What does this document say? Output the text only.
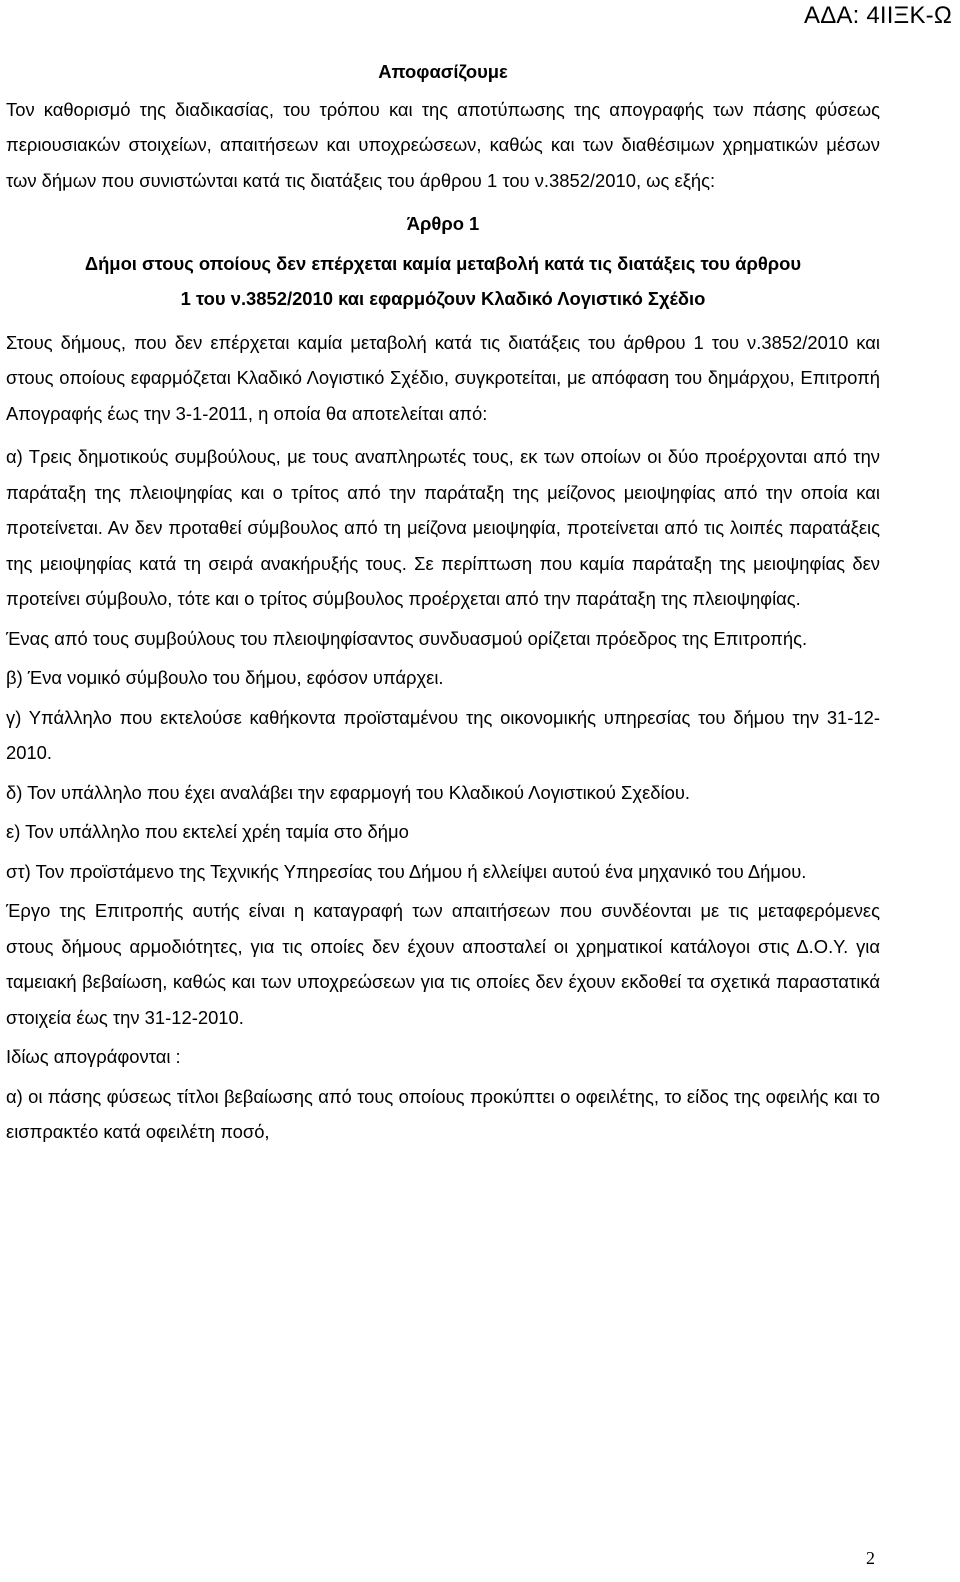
ΑΔΑ: 4ΙΙΞΚ-Ω

Αποφασίζουμε

Τον καθορισμό της διαδικασίας, του τρόπου και της αποτύπωσης της απογραφής των πάσης φύσεως περιουσιακών στοιχείων, απαιτήσεων και υποχρεώσεων, καθώς και των διαθέσιμων χρηματικών μέσων των δήμων που συνιστώνται κατά τις διατάξεις του άρθρου 1 του ν.3852/2010, ως εξής:

Άρθρο 1

Δήμοι στους οποίους δεν επέρχεται καμία μεταβολή κατά τις διατάξεις του άρθρου

1 του ν.3852/2010 και εφαρμόζουν Κλαδικό Λογιστικό Σχέδιο

Στους δήμους, που δεν επέρχεται καμία μεταβολή κατά τις διατάξεις του άρθρου 1 του ν.3852/2010 και στους οποίους εφαρμόζεται Κλαδικό Λογιστικό Σχέδιο, συγκροτείται, με απόφαση του δημάρχου, Επιτροπή Απογραφής έως την 3-1-2011, η οποία θα αποτελείται από:

α) Τρεις δημοτικούς συμβούλους, με τους αναπληρωτές τους, εκ των οποίων οι δύο προέρχονται από την παράταξη της πλειοψηφίας και ο τρίτος από την παράταξη της μείζονος μειοψηφίας από την οποία και προτείνεται. Αν δεν προταθεί σύμβουλος από τη μείζονα μειοψηφία, προτείνεται από τις λοιπές παρατάξεις της μειοψηφίας κατά τη σειρά ανακήρυξής τους. Σε περίπτωση που καμία παράταξη της μειοψηφίας δεν προτείνει σύμβουλο, τότε και ο τρίτος σύμβουλος προέρχεται από την παράταξη της πλειοψηφίας.

Ένας από τους συμβούλους του πλειοψηφίσαντος συνδυασμού ορίζεται πρόεδρος της Επιτροπής.

β) Ένα νομικό σύμβουλο του δήμου, εφόσον υπάρχει.

γ) Υπάλληλο που εκτελούσε καθήκοντα προϊσταμένου της οικονομικής υπηρεσίας του δήμου την 31-12-2010.

δ) Τον υπάλληλο που έχει αναλάβει την εφαρμογή του Κλαδικού Λογιστικού Σχεδίου.

ε) Τον υπάλληλο που εκτελεί χρέη ταμία στο δήμο

στ) Τον προϊστάμενο της Τεχνικής Υπηρεσίας του Δήμου ή ελλείψει αυτού ένα μηχανικό του Δήμου.

Έργο της Επιτροπής αυτής είναι η καταγραφή των απαιτήσεων που συνδέονται με τις μεταφερόμενες στους δήμους αρμοδιότητες, για τις οποίες δεν έχουν αποσταλεί οι χρηματικοί κατάλογοι στις Δ.Ο.Υ. για ταμειακή βεβαίωση, καθώς και των υποχρεώσεων για τις οποίες δεν έχουν εκδοθεί τα σχετικά παραστατικά στοιχεία έως την 31-12-2010.

Ιδίως απογράφονται :

α) οι πάσης φύσεως τίτλοι βεβαίωσης από τους οποίους προκύπτει ο οφειλέτης, το είδος της οφειλής και το εισπρακτέο κατά οφειλέτη ποσό,

2
